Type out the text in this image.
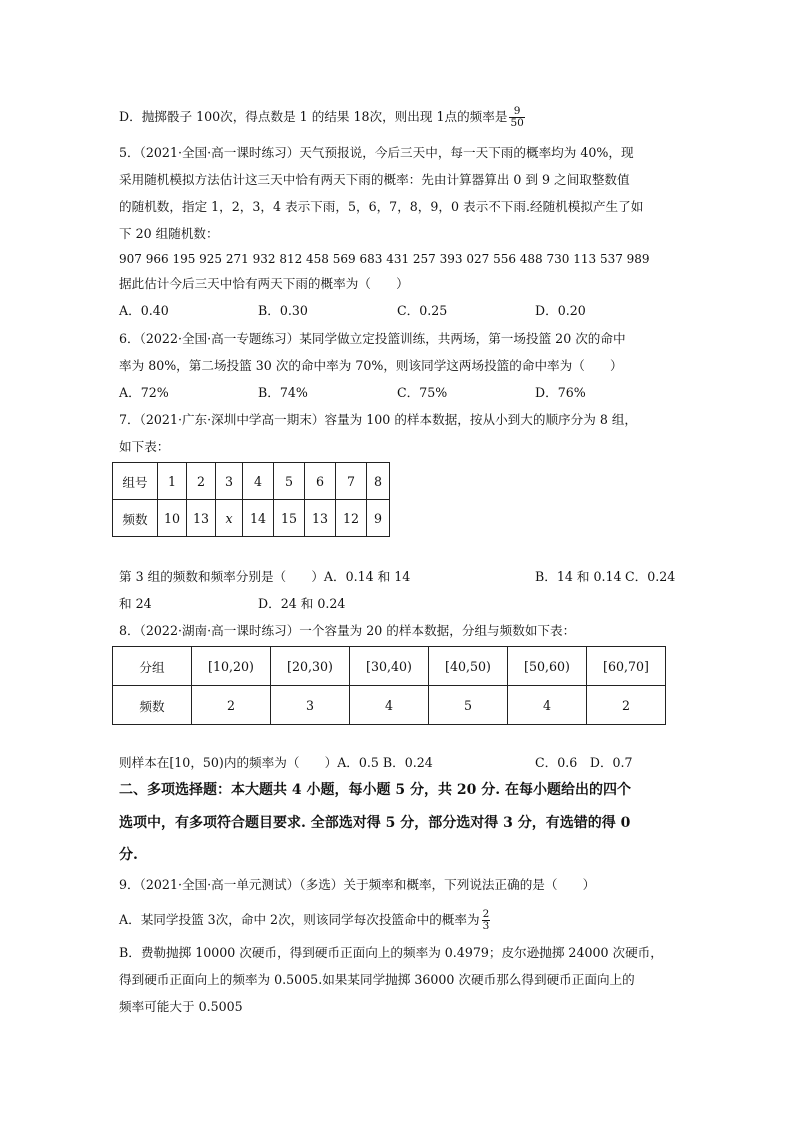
D．抛掷骰子 100次，得点数是 1 的结果 18次，则出现 1点的频率是 $\frac{9}{50}$
5．（2021·全国·高一课时练习）天气预报说，今后三天中，每一天下雨的概率均为 40%，现
采用随机模拟方法估计这三天中恰有两天下雨的概率：先由计算器算出 0 到 9 之间取整数值
的随机数，指定 1，2，3，4 表示下雨，5，6，7，8，9，0 表示不下雨.经随机模拟产生了如
下 20 组随机数：
907 966 195 925 271 932 812 458 569 683 431 257 393 027 556 488 730 113 537 989
据此估计今后三天中恰有两天下雨的概率为（　　）
A．0.40	B．0.30	C．0.25	D．0.20
6．（2022·全国·高一专题练习）某同学做立定投篮训练，共两场，第一场投篮 20 次的命中
率为 80%，第二场投篮 30 次的命中率为 70%，则该同学这两场投篮的命中率为（　　）
A．72%	B．74%	C．75%	D．76%
7．（2021·广东·深圳中学高一期末）容量为 100 的样本数据，按从小到大的顺序分为 8 组，
如下表：
组号	1	2	3	4	5	6	7	8
频数	10	13	x	14	15	13	12	9
第 3 组的频数和频率分别是（　　）A．0.14 和 14	B．14 和 0.14 C．0.24
和 24	D．24 和 0.24
8．（2022·湖南·高一课时练习）一个容量为 20 的样本数据，分组与频数如下表：
分组	[10,20)	[20,30)	[30,40)	[40,50)	[50,60)	[60,70]
频数	2	3	4	5	4	2
则样本在[10，50)内的频率为（　　）A．0.5 B．0.24	C．0.6　D．0.7
二、多项选择题：本大题共 4 小题，每小题 5 分，共 20 分. 在每小题给出的四个
选项中，有多项符合题目要求. 全部选对得 5 分，部分选对得 3 分，有选错的得 0
分.
9．（2021·全国·高一单元测试）（多选）关于频率和概率，下列说法正确的是（　　）
A．某同学投篮 3次，命中 2次，则该同学每次投篮命中的概率为 $\frac{2}{3}$
B．费勒抛掷 10000 次硬币，得到硬币正面向上的频率为 0.4979；皮尔逊抛掷 24000 次硬币，
得到硬币正面向上的频率为 0.5005.如果某同学抛掷 36000 次硬币那么得到硬币正面向上的
频率可能大于 0.5005
